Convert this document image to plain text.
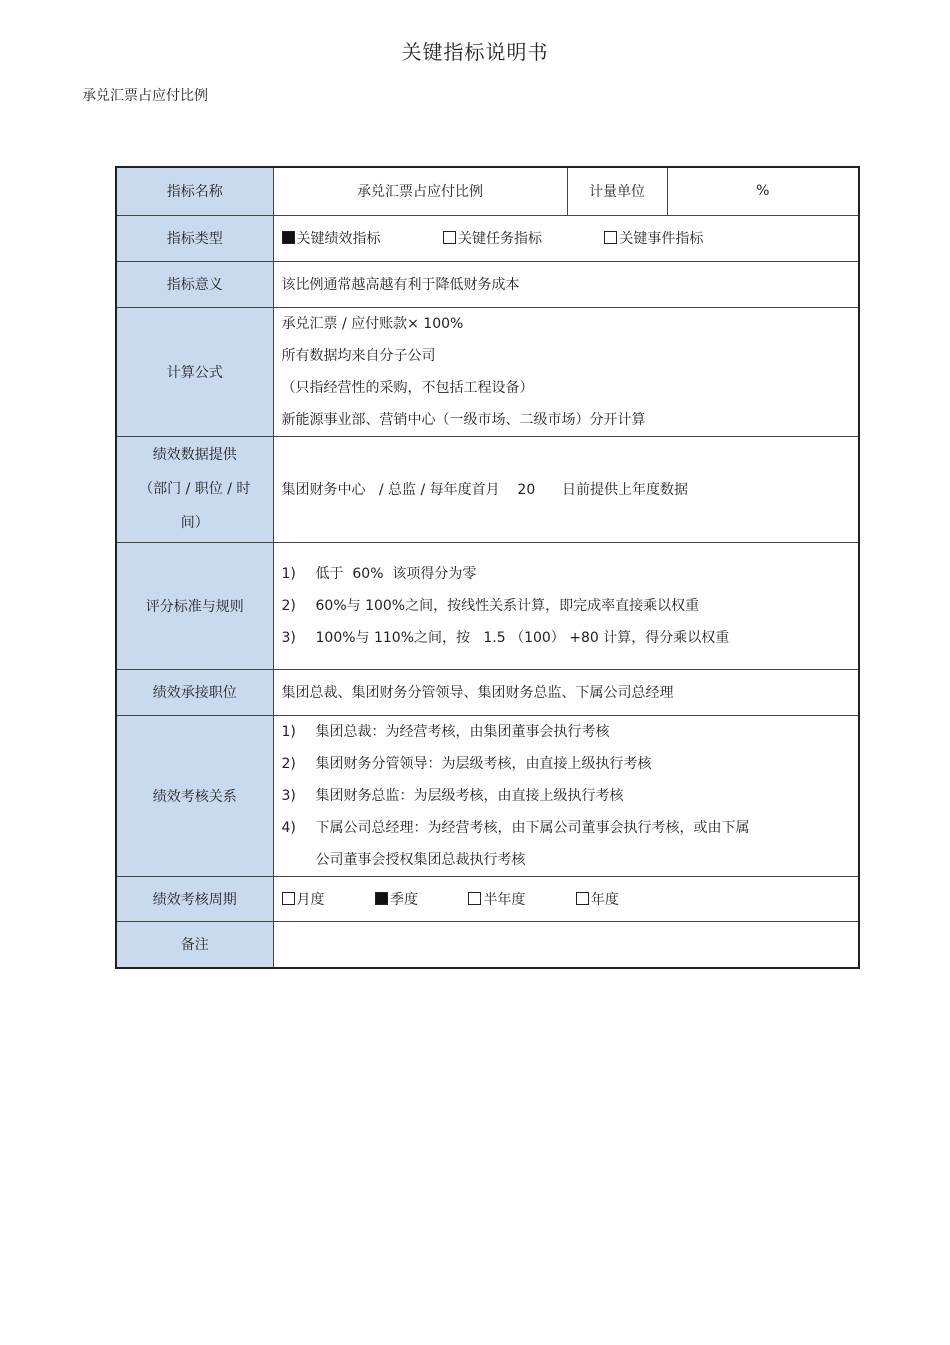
关键指标说明书
承兑汇票占应付比例
指标名称	承兑汇票占应付比例	计量单位	%
指标类型	关键绩效指标 关键任务指标 关键事件指标		
指标意义	该比例通常越高越有利于降低财务成本		
计算公式	承兑汇票 / 应付账款× 100%
所有数据均来自分子公司
（只指经营性的采购，不包括工程设备）
新能源事业部、营销中心（一级市场、二级市场）分开计算		

绩效数据提供
（部门 / 职位 / 时
间）	集团财务中心   / 总监 / 每年度首月    20      日前提供上年度数据		
评分标准与规则	1) 低于  60%  该项得分为零
2) 60%与 100%之间，按线性关系计算，即完成率直接乘以权重
3) 100%与 110%之间，按   1.5 （100） +80 计算，得分乘以权重		

绩效承接职位	集团总裁、集团财务分管领导、集团财务总监、下属公司总经理		
绩效考核关系	1) 集团总裁：为经营考核，由集团董事会执行考核
2) 集团财务分管领导：为层级考核，由直接上级执行考核
3) 集团财务总监：为层级考核，由直接上级执行考核
4) 下属公司总经理：为经营考核，由下属公司董事会执行考核，或由下属
公司董事会授权集团总裁执行考核		

绩效考核周期	月度 季度 半年度 年度		
备注			
